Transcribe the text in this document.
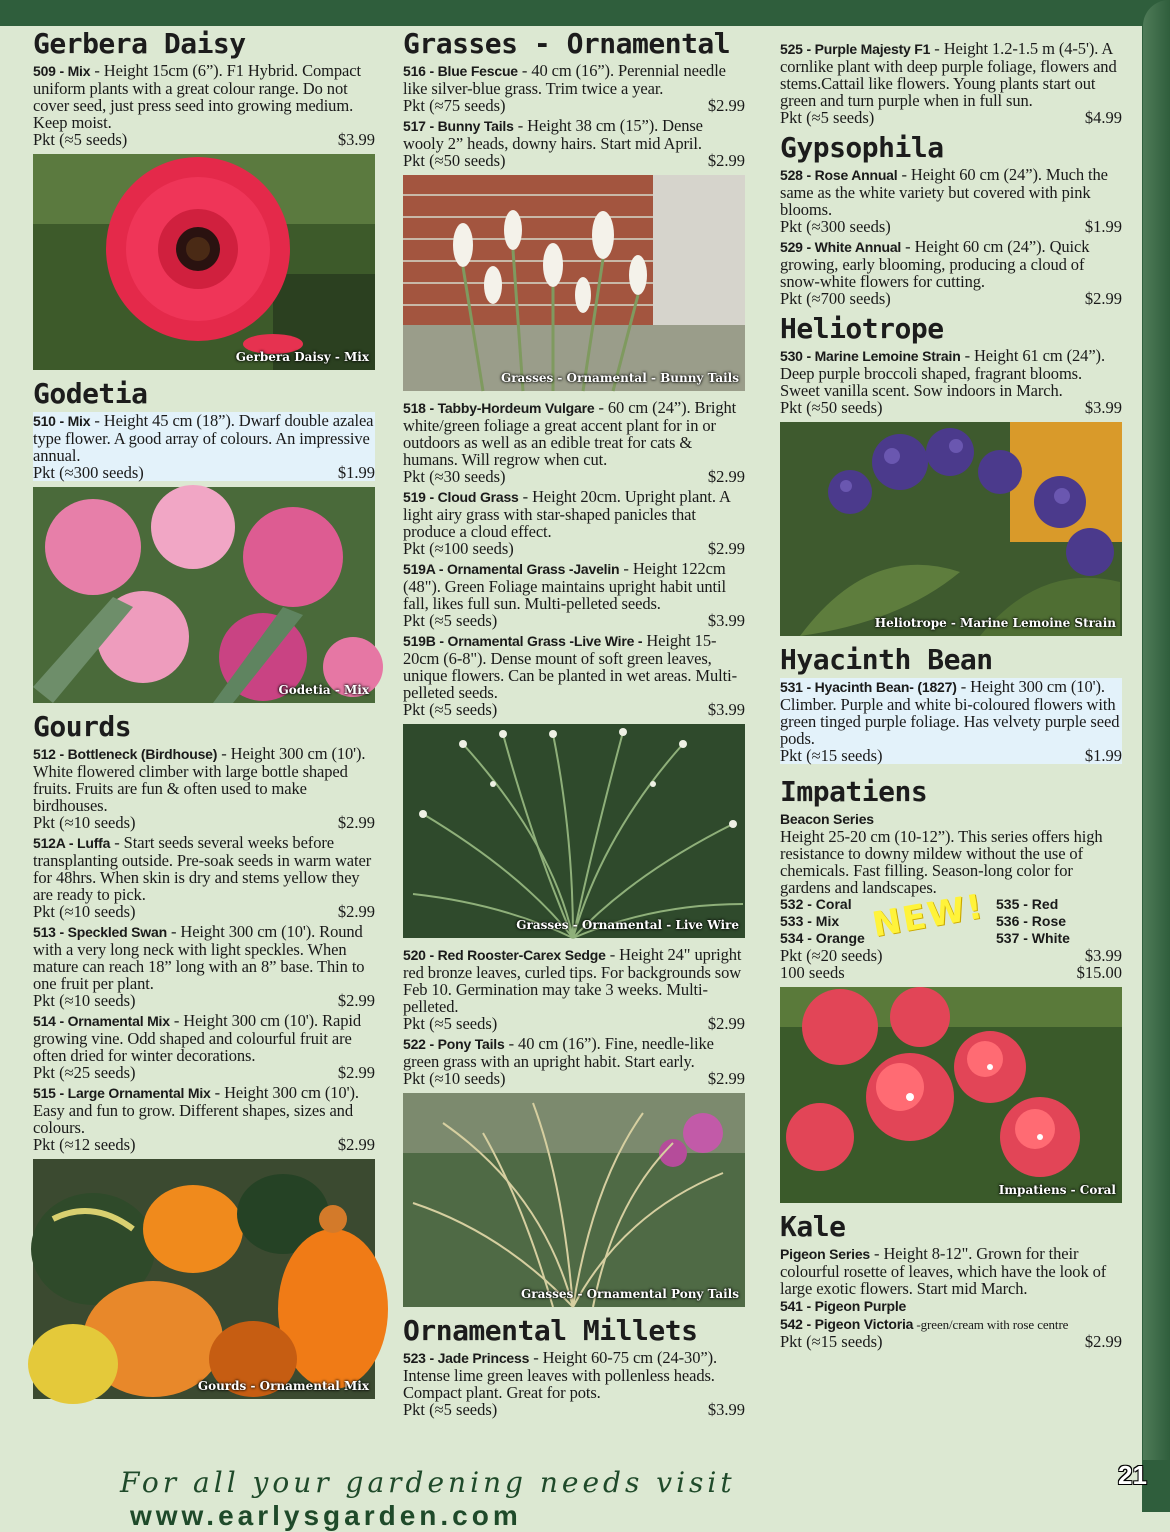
Gerbera Daisy
509 - Mix - Height 15cm (6”). F1 Hybrid. Compact uniform plants with a great colour range. Do not cover seed, just press seed into growing medium. Keep moist.
Pkt (≈5 seeds)	$3.99
Gerbera Daisy - Mix
Godetia
510 - Mix - Height 45 cm (18”). Dwarf double azalea type flower. A good array of colours. An impressive annual.
Pkt (≈300 seeds)	$1.99
Godetia - Mix
Gourds
512 - Bottleneck (Birdhouse) - Height 300 cm (10'). White flowered climber with large bottle shaped fruits. Fruits are fun & often used to make birdhouses.
Pkt (≈10 seeds)	$2.99
512A - Luffa - Start seeds several weeks before transplanting outside. Pre-soak seeds in warm water for 48hrs. When skin is dry and stems yellow they are ready to pick.
Pkt (≈10 seeds)	$2.99
513 - Speckled Swan - Height 300 cm (10'). Round with a very long neck with light speckles. When mature can reach 18” long with an 8” base. Thin to one fruit per plant.
Pkt (≈10 seeds)	$2.99
514 - Ornamental Mix - Height 300 cm (10'). Rapid growing vine. Odd shaped and colourful fruit are often dried for winter decorations.
Pkt (≈25 seeds)	$2.99
515 - Large Ornamental Mix - Height 300 cm (10'). Easy and fun to grow. Different shapes, sizes and colours.
Pkt (≈12 seeds)	$2.99
Gourds - Ornamental Mix
Grasses - Ornamental
516 - Blue Fescue - 40 cm (16”). Perennial needle like silver-blue grass. Trim twice a year.
Pkt (≈75 seeds)	$2.99
517 - Bunny Tails - Height 38 cm (15”). Dense wooly 2” heads, downy hairs. Start mid April.
Pkt (≈50 seeds)	$2.99
Grasses - Ornamental - Bunny Tails
518 - Tabby-Hordeum Vulgare - 60 cm (24”). Bright white/green foliage a great accent plant for in or outdoors as well as an edible treat for cats & humans. Will regrow when cut.
Pkt (≈30 seeds)	$2.99
519 - Cloud Grass - Height 20cm. Upright plant. A light airy grass with star-shaped panicles that produce a cloud effect.
Pkt (≈100 seeds)	$2.99
519A - Ornamental Grass -Javelin - Height 122cm (48"). Green Foliage maintains upright habit until fall, likes full sun. Multi-pelleted seeds.
Pkt (≈5 seeds)	$3.99
519B - Ornamental Grass -Live Wire - Height 15-20cm (6-8"). Dense mount of soft green leaves, unique flowers. Can be planted in wet areas. Multi-pelleted seeds.
Pkt (≈5 seeds)	$3.99
Grasses - Ornamental - Live Wire
520 - Red Rooster-Carex Sedge - Height 24" upright red bronze leaves, curled tips. For backgrounds sow Feb 10. Germination may take 3 weeks. Multi-pelleted.
Pkt (≈5 seeds)	$2.99
522 - Pony Tails - 40 cm (16”). Fine, needle-like green grass with an upright habit. Start early.
Pkt (≈10 seeds)	$2.99
Grasses - Ornamental Pony Tails
Ornamental Millets
523 - Jade Princess - Height 60-75 cm (24-30”). Intense lime green leaves with pollenless heads. Compact plant. Great for pots.
Pkt (≈5 seeds)	$3.99
525 - Purple Majesty F1 - Height 1.2-1.5 m (4-5'). A cornlike plant with deep purple foliage, flowers and stems.Cattail like flowers. Young plants start out green and turn purple when in full sun.
Pkt (≈5 seeds)	$4.99
Gypsophila
528 - Rose Annual - Height 60 cm (24”). Much the same as the white variety but covered with pink blooms.
Pkt (≈300 seeds)	$1.99
529 - White Annual - Height 60 cm (24”). Quick growing, early blooming, producing a cloud of snow-white flowers for cutting.
Pkt (≈700 seeds)	$2.99
Heliotrope
530 - Marine Lemoine Strain - Height 61 cm (24”). Deep purple broccoli shaped, fragrant blooms. Sweet vanilla scent. Sow indoors in March.
Pkt (≈50 seeds)	$3.99
Heliotrope - Marine Lemoine Strain
Hyacinth Bean
531 - Hyacinth Bean- (1827) - Height 300 cm (10'). Climber. Purple and white bi-coloured flowers with green tinged purple foliage. Has velvety purple seed pods.
Pkt (≈15 seeds)	$1.99
Impatiens
Beacon Series
Height 25-20 cm (10-12”). This series offers high resistance to downy mildew without the use of chemicals. Fast filling. Season-long color for gardens and landscapes.
532 - Coral	535 - Red
533 - Mix	536 - Rose
534 - Orange	537 - White
NEW!
Pkt (≈20 seeds)	$3.99
100 seeds	$15.00
Impatiens - Coral
Kale
Pigeon Series - Height 8-12". Grown for their colourful rosette of leaves, which have the look of large exotic flowers. Start mid March.
541 - Pigeon Purple
542 - Pigeon Victoria -green/cream with rose centre
Pkt (≈15 seeds)	$2.99
For all your gardening needs visit www.earlysgarden.com
21
